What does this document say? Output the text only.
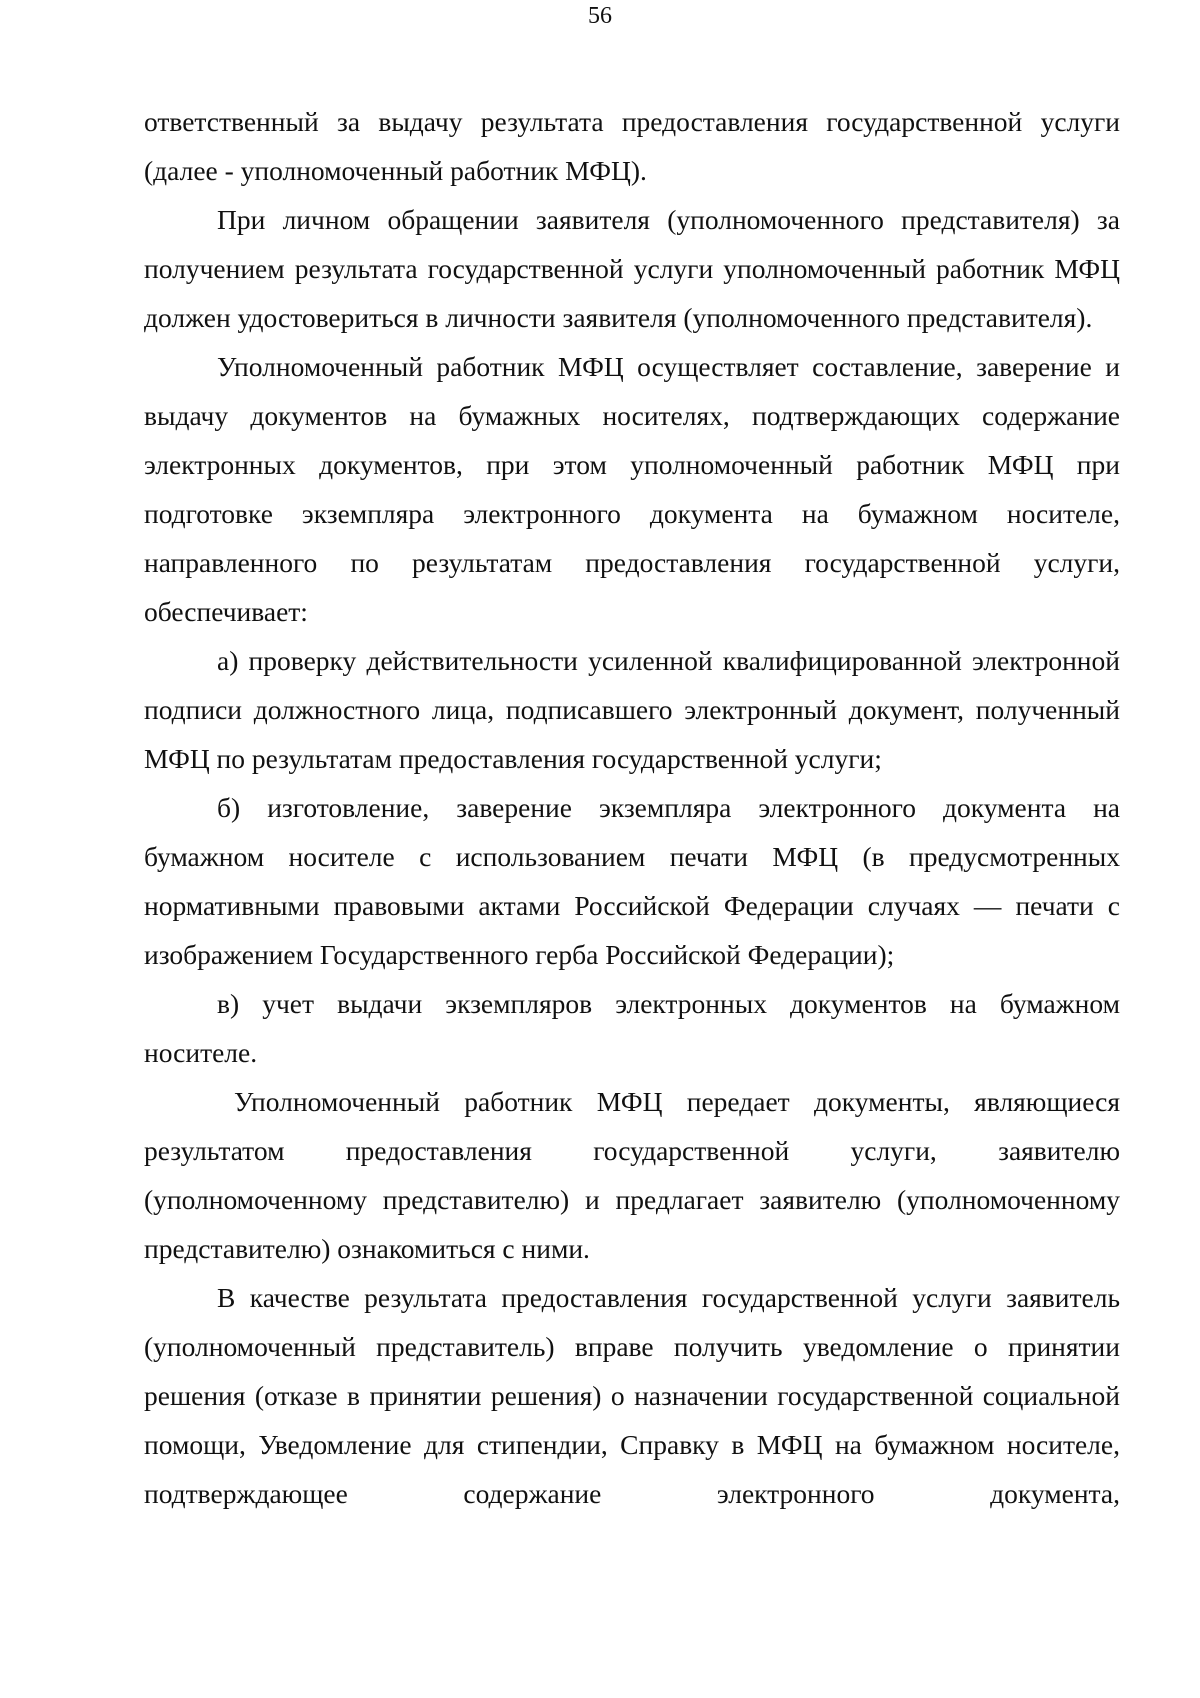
56

ответственный за выдачу результата предоставления государственной услуги (далее - уполномоченный работник МФЦ).

При личном обращении заявителя (уполномоченного представителя) за получением результата государственной услуги уполномоченный работник МФЦ должен удостовериться в личности заявителя (уполномоченного представителя).

Уполномоченный работник МФЦ осуществляет составление, заверение и выдачу документов на бумажных носителях, подтверждающих содержание электронных документов, при этом уполномоченный работник МФЦ при подготовке экземпляра электронного документа на бумажном носителе, направленного по результатам предоставления государственной услуги, обеспечивает:

а) проверку действительности усиленной квалифицированной электронной подписи должностного лица, подписавшего электронный документ, полученный МФЦ по результатам предоставления государственной услуги;

б) изготовление, заверение экземпляра электронного документа на бумажном носителе с использованием печати МФЦ (в предусмотренных нормативными правовыми актами Российской Федерации случаях — печати с изображением Государственного герба Российской Федерации);

в) учет выдачи экземпляров электронных документов на бумажном носителе.

Уполномоченный работник МФЦ передает документы, являющиеся результатом предоставления государственной услуги, заявителю (уполномоченному представителю) и предлагает заявителю (уполномоченному представителю) ознакомиться с ними.

В качестве результата предоставления государственной услуги заявитель (уполномоченный представитель) вправе получить уведомление о принятии решения (отказе в принятии решения) о назначении государственной социальной помощи, Уведомление для стипендии, Справку в МФЦ на бумажном носителе, подтверждающее содержание электронного документа,
